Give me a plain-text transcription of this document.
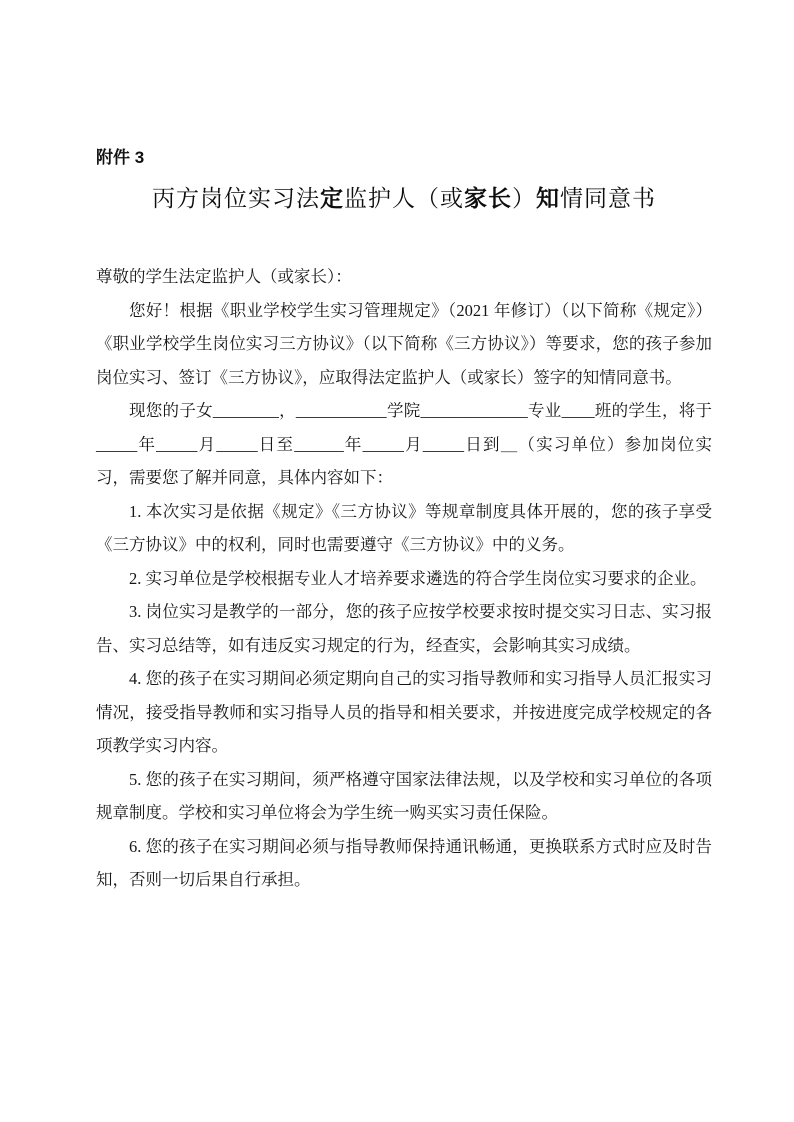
附件 3
丙方岗位实习法定监护人（或家长）知情同意书

尊敬的学生法定监护人（或家长）：

您好！根据《职业学校学生实习管理规定》（2021 年修订）（以下简称《规定》）《职业学校学生岗位实习三方协议》（以下简称《三方协议》）等要求，您的孩子参加岗位实习、签订《三方协议》，应取得法定监护人（或家长）签字的知情同意书。

现您的子女________，___________学院_____________专业____班的学生，将于_____年_____月_____日至______年_____月_____日到＿（实习单位）参加岗位实习，需要您了解并同意，具体内容如下：

1. 本次实习是依据《规定》《三方协议》等规章制度具体开展的，您的孩子享受《三方协议》中的权利，同时也需要遵守《三方协议》中的义务。

2. 实习单位是学校根据专业人才培养要求遴选的符合学生岗位实习要求的企业。

3. 岗位实习是教学的一部分，您的孩子应按学校要求按时提交实习日志、实习报告、实习总结等，如有违反实习规定的行为，经查实，会影响其实习成绩。

4. 您的孩子在实习期间必须定期向自己的实习指导教师和实习指导人员汇报实习情况，接受指导教师和实习指导人员的指导和相关要求，并按进度完成学校规定的各项教学实习内容。

5. 您的孩子在实习期间，须严格遵守国家法律法规，以及学校和实习单位的各项规章制度。学校和实习单位将会为学生统一购买实习责任保险。

6. 您的孩子在实习期间必须与指导教师保持通讯畅通，更换联系方式时应及时告知，否则一切后果自行承担。
